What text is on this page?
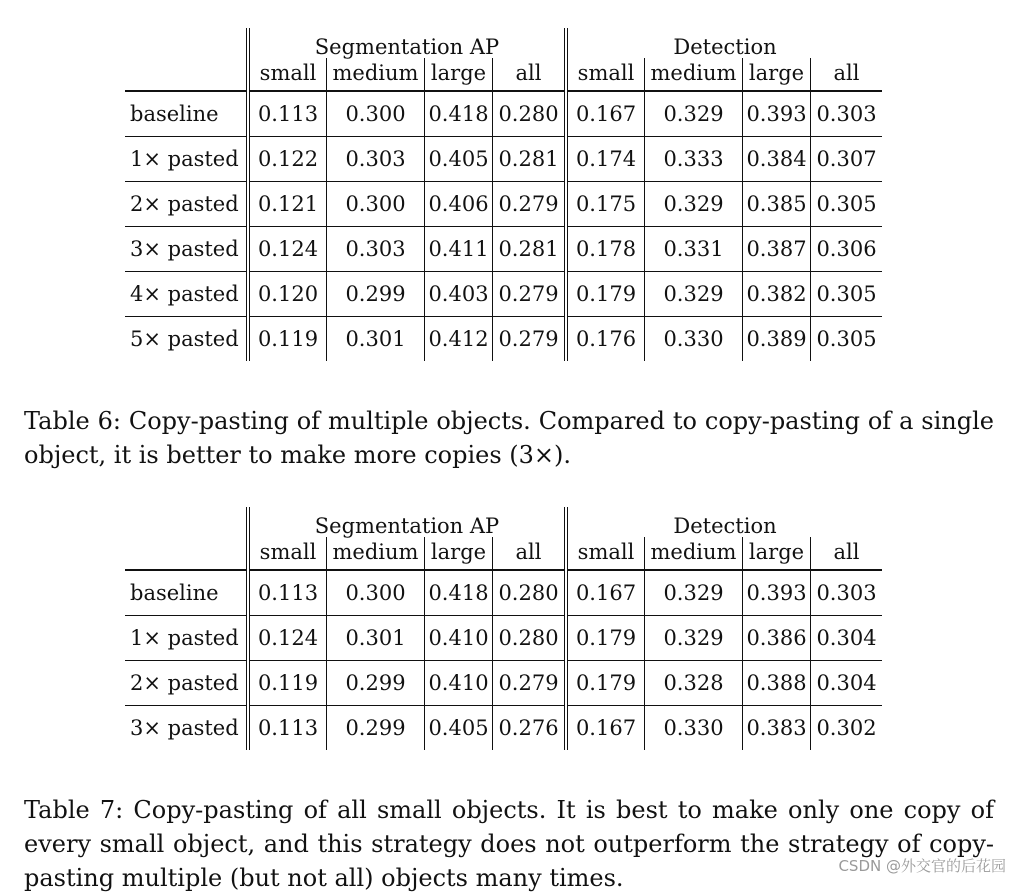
	Segmentation AP				Detection			
	small	medium	large	all	small	medium	large	all
baseline	0.113	0.300	0.418	0.280	0.167	0.329	0.393	0.303
1× pasted	0.122	0.303	0.405	0.281	0.174	0.333	0.384	0.307
2× pasted	0.121	0.300	0.406	0.279	0.175	0.329	0.385	0.305
3× pasted	0.124	0.303	0.411	0.281	0.178	0.331	0.387	0.306
4× pasted	0.120	0.299	0.403	0.279	0.179	0.329	0.382	0.305
5× pasted	0.119	0.301	0.412	0.279	0.176	0.330	0.389	0.305

Table 6: Copy-pasting of multiple objects. Compared to copy-pasting of a single object, it is better to make more copies (3×).

	Segmentation AP				Detection			
	small	medium	large	all	small	medium	large	all
baseline	0.113	0.300	0.418	0.280	0.167	0.329	0.393	0.303
1× pasted	0.124	0.301	0.410	0.280	0.179	0.329	0.386	0.304
2× pasted	0.119	0.299	0.410	0.279	0.179	0.328	0.388	0.304
3× pasted	0.113	0.299	0.405	0.276	0.167	0.330	0.383	0.302

Table 7: Copy-pasting of all small objects. It is best to make only one copy of every small object, and this strategy does not outperform the strategy of copy-pasting multiple (but not all) objects many times.	CSDN @外交官的后花园
